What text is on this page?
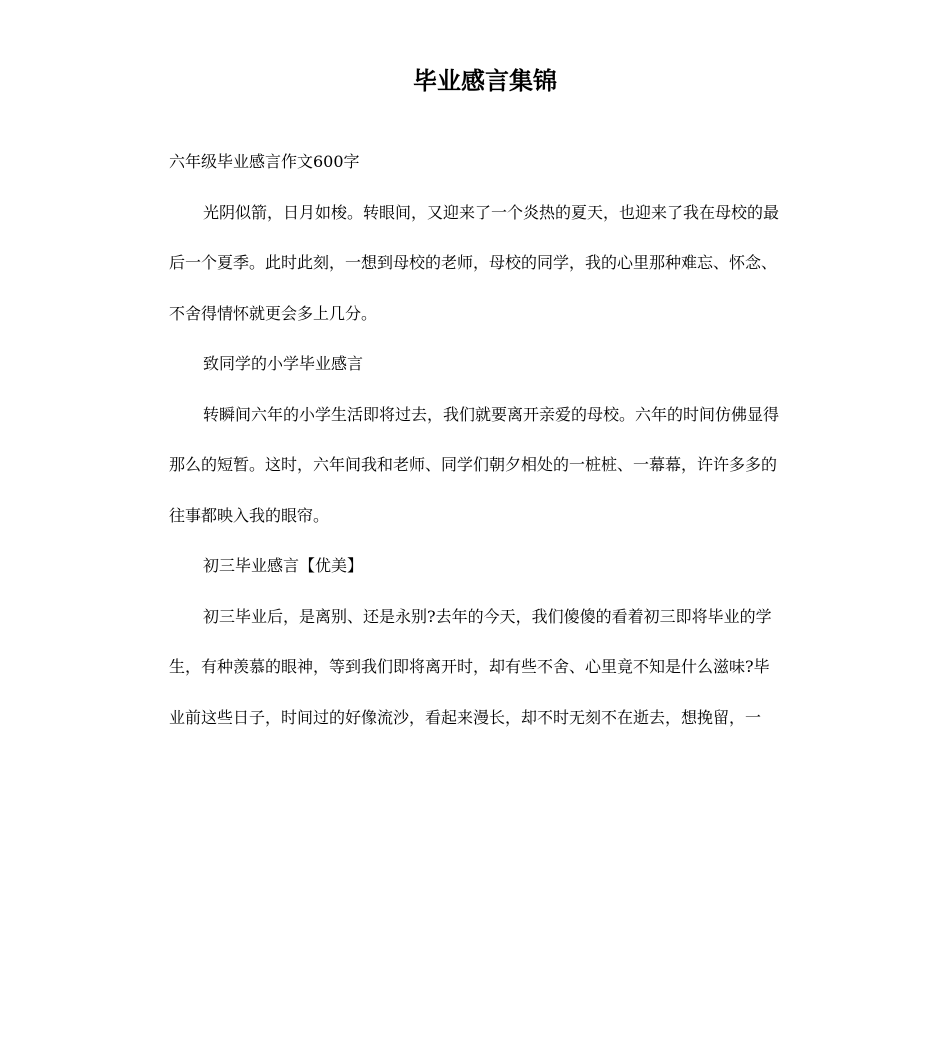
毕业感言集锦

六年级毕业感言作文600字

光阴似箭，日月如梭。转眼间，又迎来了一个炎热的夏天，也迎来了我在母校的最后一个夏季。此时此刻，一想到母校的老师，母校的同学，我的心里那种难忘、怀念、不舍得情怀就更会多上几分。

致同学的小学毕业感言

转瞬间六年的小学生活即将过去，我们就要离开亲爱的母校。六年的时间仿佛显得那么的短暂。这时，六年间我和老师、同学们朝夕相处的一桩桩、一幕幕，许许多多的往事都映入我的眼帘。

初三毕业感言【优美】

初三毕业后，是离别、还是永别?去年的今天，我们傻傻的看着初三即将毕业的学生，有种羡慕的眼神，等到我们即将离开时，却有些不舍、心里竟不知是什么滋味?毕业前这些日子，时间过的好像流沙，看起来漫长，却不时无刻不在逝去，想挽留，一
